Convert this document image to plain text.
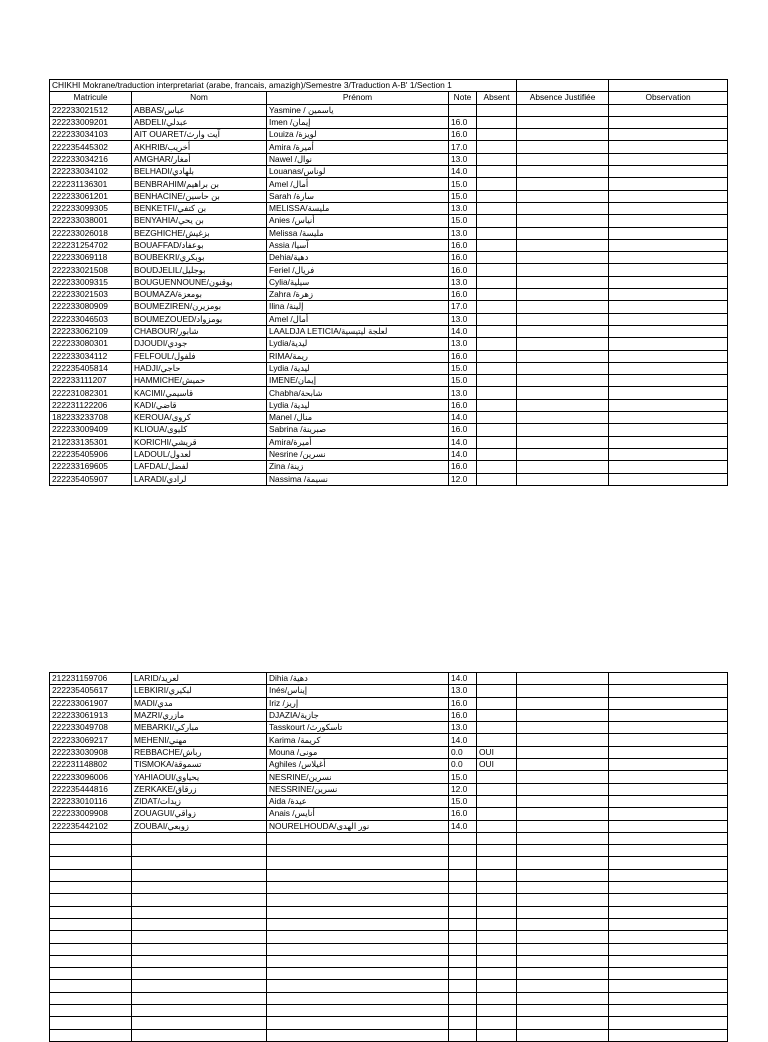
CHIKHI Mokrane/traduction interpretariat (arabe, francais, amazigh)/Semestre 3/Traduction A-B' 1/Section 1						
Matricule	Nom	Prénom	Note	Absent	Absence Justifiée	Observation
222233021512	ABBAS/عباس	Yasmine / ياسمين				
222233009201	ABDELI/عبدلي	Imen /إيمان	16.0			
222233034103	AIT OUARET/آيت وارث	Louiza /لويزة	16.0			
222235445302	AKHRIB/أخريب	Amira /أميرة	17.0			
222233034216	AMGHAR/أمغار	Nawel /نوال	13.0			
222233034102	BELHADI/بلهادي	Louanas/لوناس	14.0			
222231136301	BENBRAHIM/بن براهيم	Amel /أمال	15.0			
222233061201	BENHACINE/بن حاسين	Sarah /سارة	15.0			
222233099305	BENKETFI/بن كتفي	MELISSA/مليسة	13.0			
222233038001	BENYAHIA/بن يحي	Anies /أنياس	15.0			
222233026018	BEZGHICHE/بزغيش	Melissa /مليسة	13.0			
222231254702	BOUAFFAD/بوعفاد	Assia /آسيا	16.0			
222233069118	BOUBEKRI/بوبكري	Dehia/دهية	16.0			
222233021508	BOUDJELIL/بوجليل	Feriel /فريال	16.0			
222233009315	BOUGUENNOUNE/بوقنون	Cylia/سيلية	13.0			
222233021503	BOUMAZA/بومعزة	Zahra /زهرة	16.0			
222233080909	BOUMEZIREN/بومزيرن	Ilina /إلينة	17.0			
222233046503	BOUMEZOUED/بومزواد	Amel /أمال	13.0			
222233062109	CHABOUR/شابور	LAALDJA LETICIA/لعلجة ليتيسية	14.0			
222233080301	DJOUDI/جودي	Lydia/ليدية	13.0			
222233034112	FELFOUL/فلفول	RIMA/ريمة	16.0			
222235405814	HADJI/حاجي	Lydia /ليدية	15.0			
222233111207	HAMMICHE/حميش	IMENE/إيمان	15.0			
222231082301	KACIMI/قاسيمي	Chabha/شابحة	13.0			
222231122206	KADI/قاضي	Lydia /ليدية	16.0			
182233233708	KEROUA/كروى	Manel /منال	14.0			
222233009409	KLIOUA/كليوى	Sabrina /صبرينة	16.0			
212233135301	KORICHI/قريشي	Amira/أميرة	14.0			
222235405906	LADOUL/لعدول	Nesrine /نسرين	14.0			
222233169605	LAFDAL/لفضل	Zina /زينة	16.0			
222235405907	LARADI/لرادي	Nassima /نسيمة	12.0			
212231159706	LARID/لعريد	Dihia /دهية	14.0			
222235405617	LEBKIRI/لبكيري	Inés/إيناس	13.0			
222233061907	MADI/مدي	Iriz /إريز	16.0			
222233061913	MAZRI/مازري	DJAZIA/جازية	16.0			
222233049708	MEBARKI/مباركي	Tasskourt /تاسكورث	13.0			
222233069217	MEHENI/مهني	Karima /كريمة	14.0			
222233030908	REBBACHE/رباش	Mouna /مونى	0.0	OUI		
222231148802	TISMOKA/تسموقة	Aghiles /أغيلاس	0.0	OUI		
222233096006	YAHIAOUI/يحياوي	NESRINE/نسرين	15.0			
222235444816	ZERKAKE/زرقاق	NESSRINE/نسرين	12.0			
222233010116	ZIDAT/زيدات	Aida /عيدة	15.0			
222233009908	ZOUAGUI/زواقي	Anais /أنايس	16.0			
222235442102	ZOUBAI/زوبعي	NOURELHOUDA/نور الهدى	14.0			
